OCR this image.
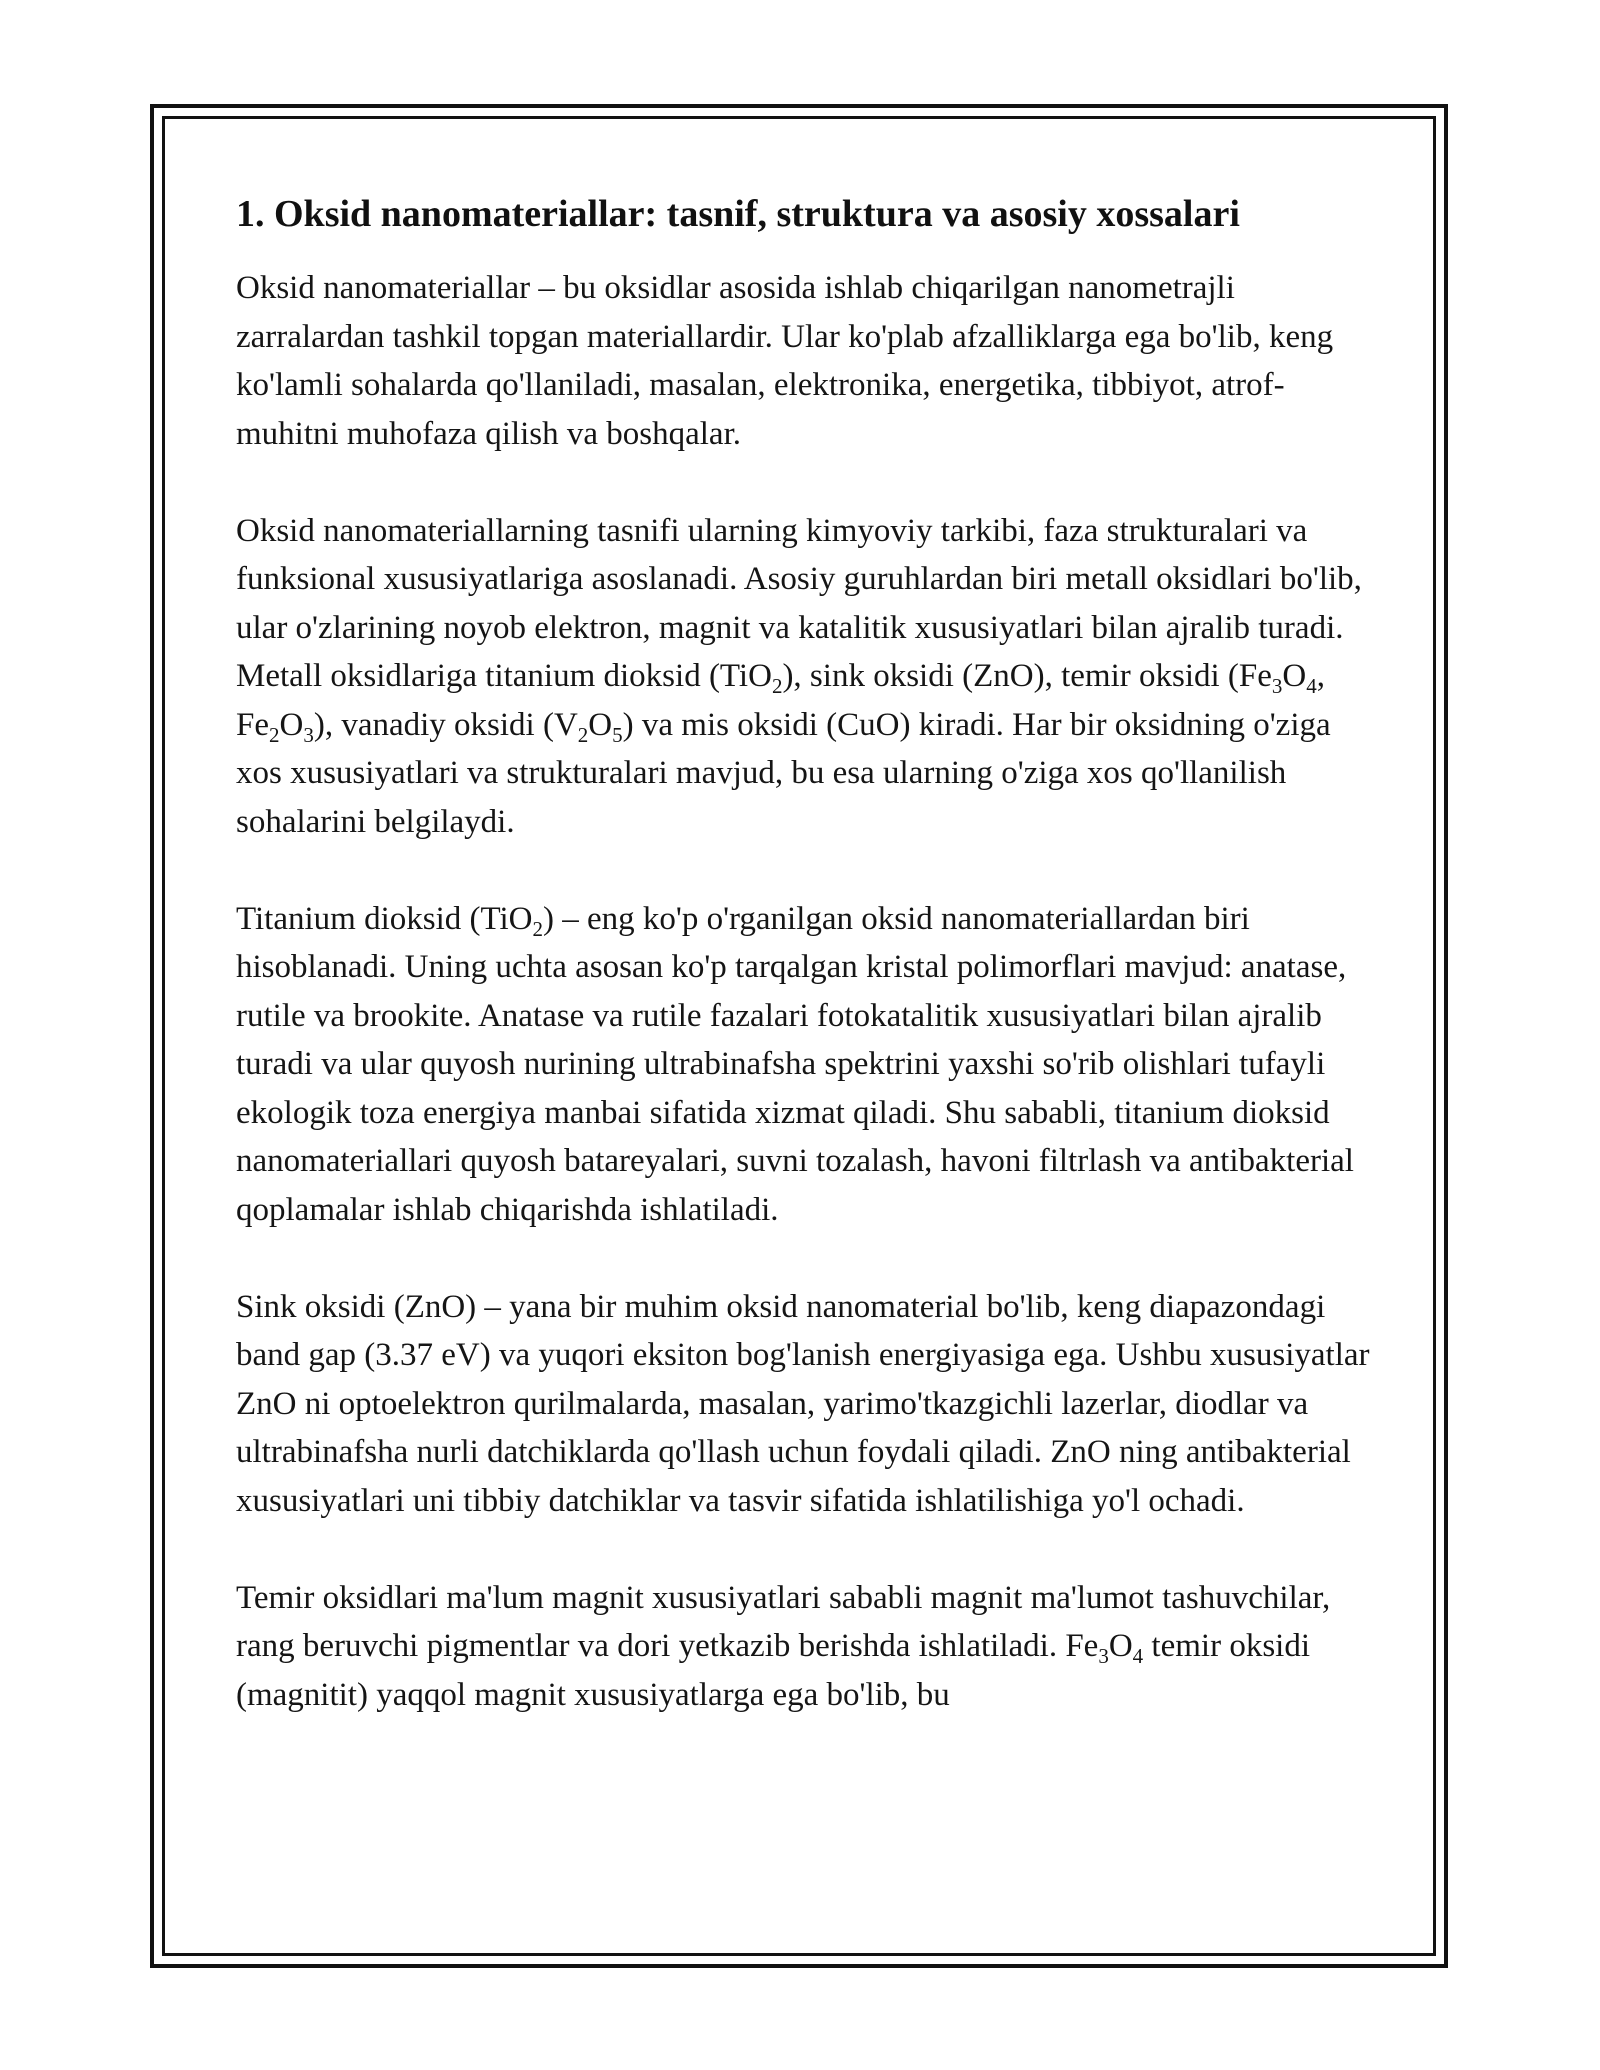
1. Oksid nanomateriallar: tasnif, struktura va asosiy xossalari

Oksid nanomateriallar – bu oksidlar asosida ishlab chiqarilgan nanometrajli zarralardan tashkil topgan materiallardir. Ular ko'plab afzalliklarga ega bo'lib, keng ko'lamli sohalarda qo'llaniladi, masalan, elektronika, energetika, tibbiyot, atrof-muhitni muhofaza qilish va boshqalar.

Oksid nanomateriallarning tasnifi ularning kimyoviy tarkibi, faza strukturalari va funksional xususiyatlariga asoslanadi. Asosiy guruhlardan biri metall oksidlari bo'lib, ular o'zlarining noyob elektron, magnit va katalitik xususiyatlari bilan ajralib turadi. Metall oksidlariga titanium dioksid (TiO$_2$), sink oksidi (ZnO), temir oksidi ($Fe_3O_4$, $Fe_2O_3$), vanadiy oksidi $(V_2O_5)$ va mis oksidi (CuO) kiradi. Har bir oksidning o'ziga xos xususiyatlari va strukturalari mavjud, bu esa ularning o'ziga xos qo'llanilish sohalarini belgilaydi.

Titanium dioksid (TiO$_2$) – eng ko'p o'rganilgan oksid nanomateriallardan biri hisoblanadi. Uning uchta asosan ko'p tarqalgan kristal polimorflari mavjud: anatase, rutile va brookite. Anatase va rutile fazalari fotokatalitik xususiyatlari bilan ajralib turadi va ular quyosh nurining ultrabinafsha spektrini yaxshi so'rib olishlari tufayli ekologik toza energiya manbai sifatida xizmat qiladi. Shu sababli, titanium dioksid nanomateriallari quyosh batareyalari, suvni tozalash, havoni filtrlash va antibakterial qoplamalar ishlab chiqarishda ishlatiladi.

Sink oksidi (ZnO) – yana bir muhim oksid nanomaterial bo'lib, keng diapazondagi band gap (3.37 eV) va yuqori eksiton bog'lanish energiyasiga ega. Ushbu xususiyatlar ZnO ni optoelektron qurilmalarda, masalan, yarimo'tkazgichli lazerlar, diodlar va ultrabinafsha nurli datchiklarda qo'llash uchun foydali qiladi. ZnO ning antibakterial xususiyatlari uni tibbiy datchiklar va tasvir sifatida ishlatilishiga yo'l ochadi.

Temir oksidlari ma'lum magnit xususiyatlari sababli magnit ma'lumot tashuvchilar, rang beruvchi pigmentlar va dori yetkazib berishda ishlatiladi. $Fe_3O_4$ temir oksidi (magnitit) yaqqol magnit xususiyatlarga ega bo'lib, bu
